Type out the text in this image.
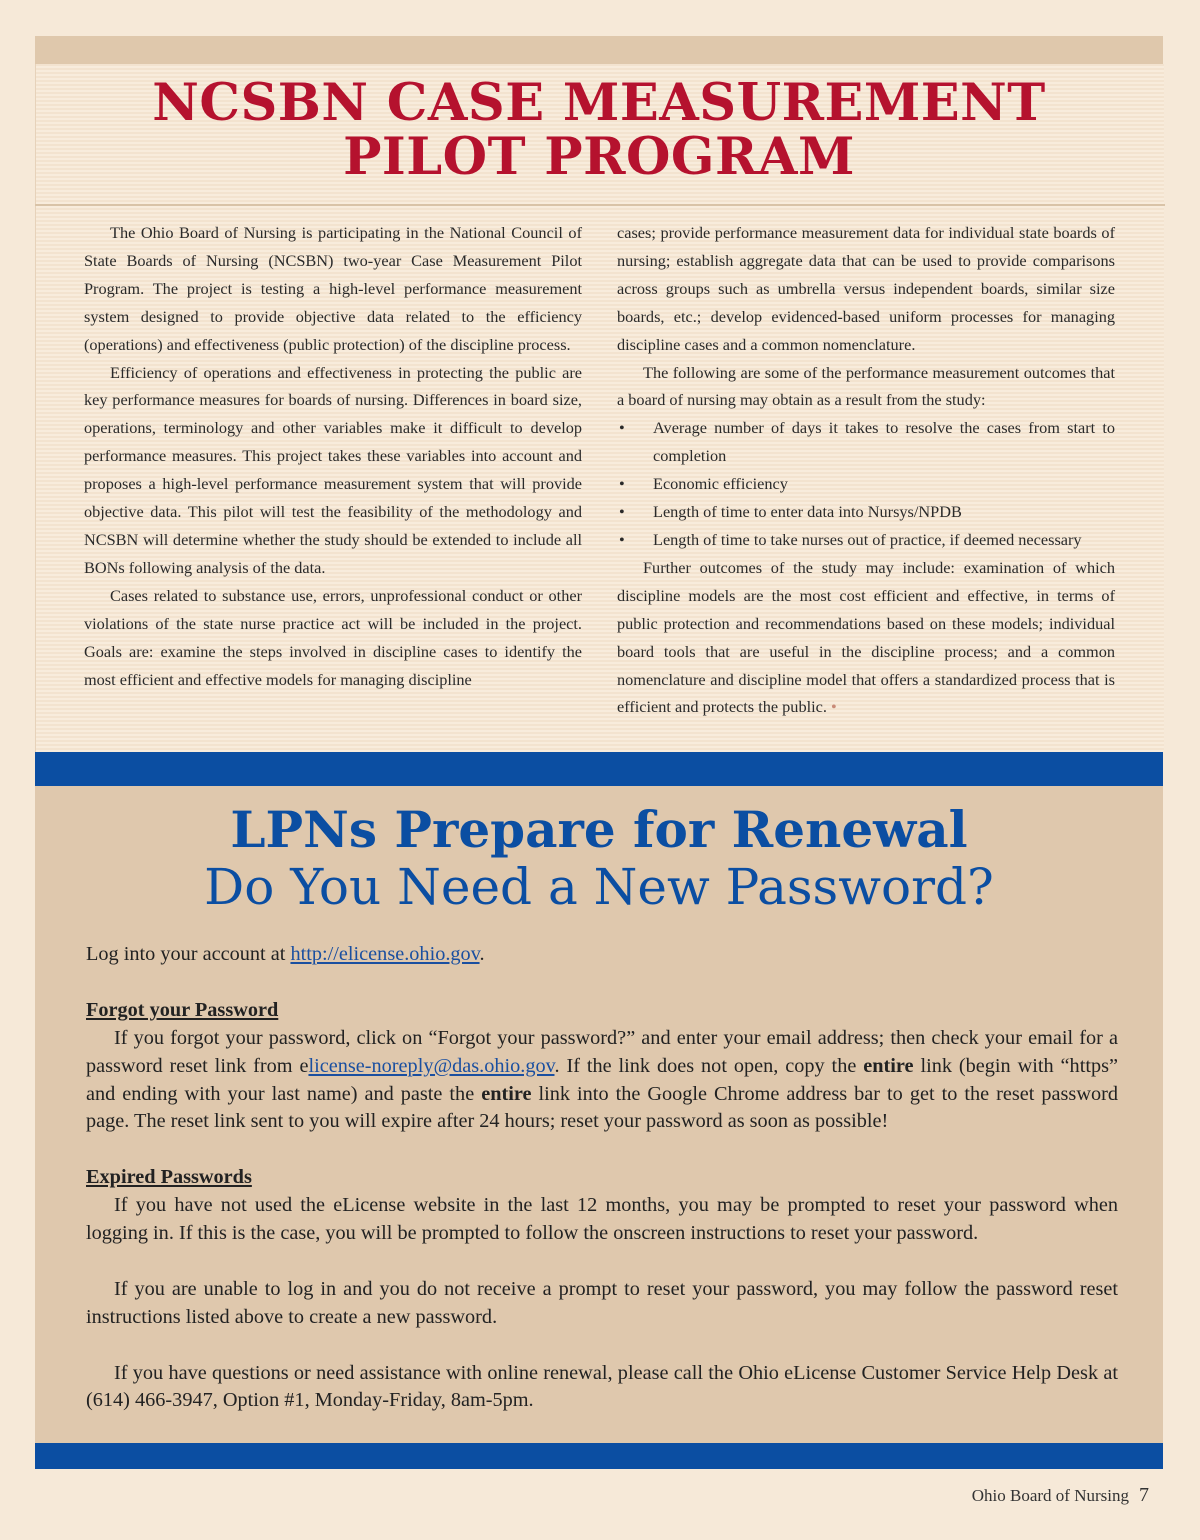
NCSBN CASE MEASUREMENT
PILOT PROGRAM

The Ohio Board of Nursing is participating in the National Council of State Boards of Nursing (NCSBN) two-year Case Measurement Pilot Program. The project is testing a high-level performance measurement system designed to provide objective data related to the efficiency (operations) and effectiveness (public protection) of the discipline process.

Efficiency of operations and effectiveness in protecting the public are key performance measures for boards of nursing. Differences in board size, operations, terminology and other variables make it difficult to develop performance measures. This project takes these variables into account and proposes a high-level performance measurement system that will provide objective data. This pilot will test the feasibility of the methodology and NCSBN will determine whether the study should be extended to include all BONs following analysis of the data.

Cases related to substance use, errors, unprofessional conduct or other violations of the state nurse practice act will be included in the project. Goals are: examine the steps involved in discipline cases to identify the most efficient and effective models for managing discipline

cases; provide performance measurement data for individual state boards of nursing; establish aggregate data that can be used to provide comparisons across groups such as umbrella versus independent boards, similar size boards, etc.; develop evidenced-based uniform processes for managing discipline cases and a common nomenclature.

The following are some of the performance measurement outcomes that a board of nursing may obtain as a result from the study:

• Average number of days it takes to resolve the cases from start to completion
• Economic efficiency
• Length of time to enter data into Nursys/NPDB
• Length of time to take nurses out of practice, if deemed necessary

Further outcomes of the study may include: examination of which discipline models are the most cost efficient and effective, in terms of public protection and recommendations based on these models; individual board tools that are useful in the discipline process; and a common nomenclature and discipline model that offers a standardized process that is efficient and protects the public. •

LPNs Prepare for Renewal
Do You Need a New Password?

Log into your account at http://elicense.ohio.gov.

Forgot your Password

If you forgot your password, click on “Forgot your password?” and enter your email address; then check your email for a password reset link from elicense-noreply@das.ohio.gov. If the link does not open, copy the entire link (begin with “https” and ending with your last name) and paste the entire link into the Google Chrome address bar to get to the reset password page. The reset link sent to you will expire after 24 hours; reset your password as soon as possible!

Expired Passwords

If you have not used the eLicense website in the last 12 months, you may be prompted to reset your password when logging in. If this is the case, you will be prompted to follow the onscreen instructions to reset your password.

If you are unable to log in and you do not receive a prompt to reset your password, you may follow the password reset instructions listed above to create a new password.

If you have questions or need assistance with online renewal, please call the Ohio eLicense Customer Service Help Desk at (614) 466-3947, Option #1, Monday-Friday, 8am-5pm.

Ohio Board of Nursing 7
